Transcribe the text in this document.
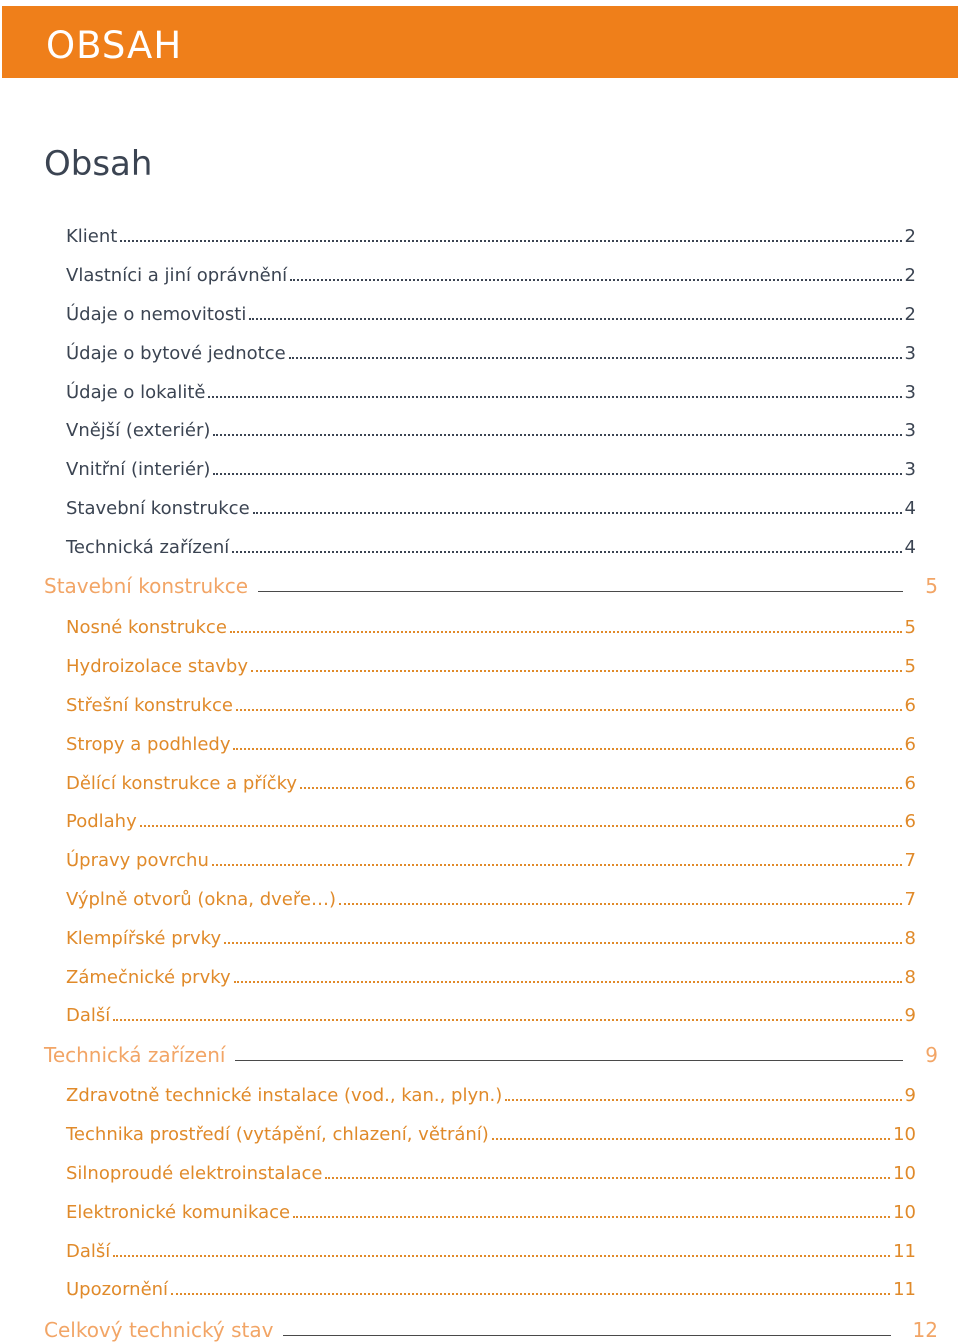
OBSAH
Obsah
Klient	2
Vlastníci a jiní oprávnění	2
Údaje o nemovitosti	2
Údaje o bytové jednotce	3
Údaje o lokalitě	3
Vnější (exteriér)	3
Vnitřní (interiér)	3
Stavební konstrukce	4
Technická zařízení	4
Stavební konstrukce	5
Nosné konstrukce	5
Hydroizolace stavby	5
Střešní konstrukce	6
Stropy a podhledy	6
Dělící konstrukce a příčky	6
Podlahy	6
Úpravy povrchu	7
Výplně otvorů (okna, dveře…)	7
Klempířské prvky	8
Zámečnické prvky	8
Další	9
Technická zařízení	9
Zdravotně technické instalace (vod., kan., plyn.)	9
Technika prostředí (vytápění, chlazení, větrání)	10
Silnoproudé elektroinstalace	10
Elektronické komunikace	10
Další	11
Upozornění	11
Celkový technický stav	12
